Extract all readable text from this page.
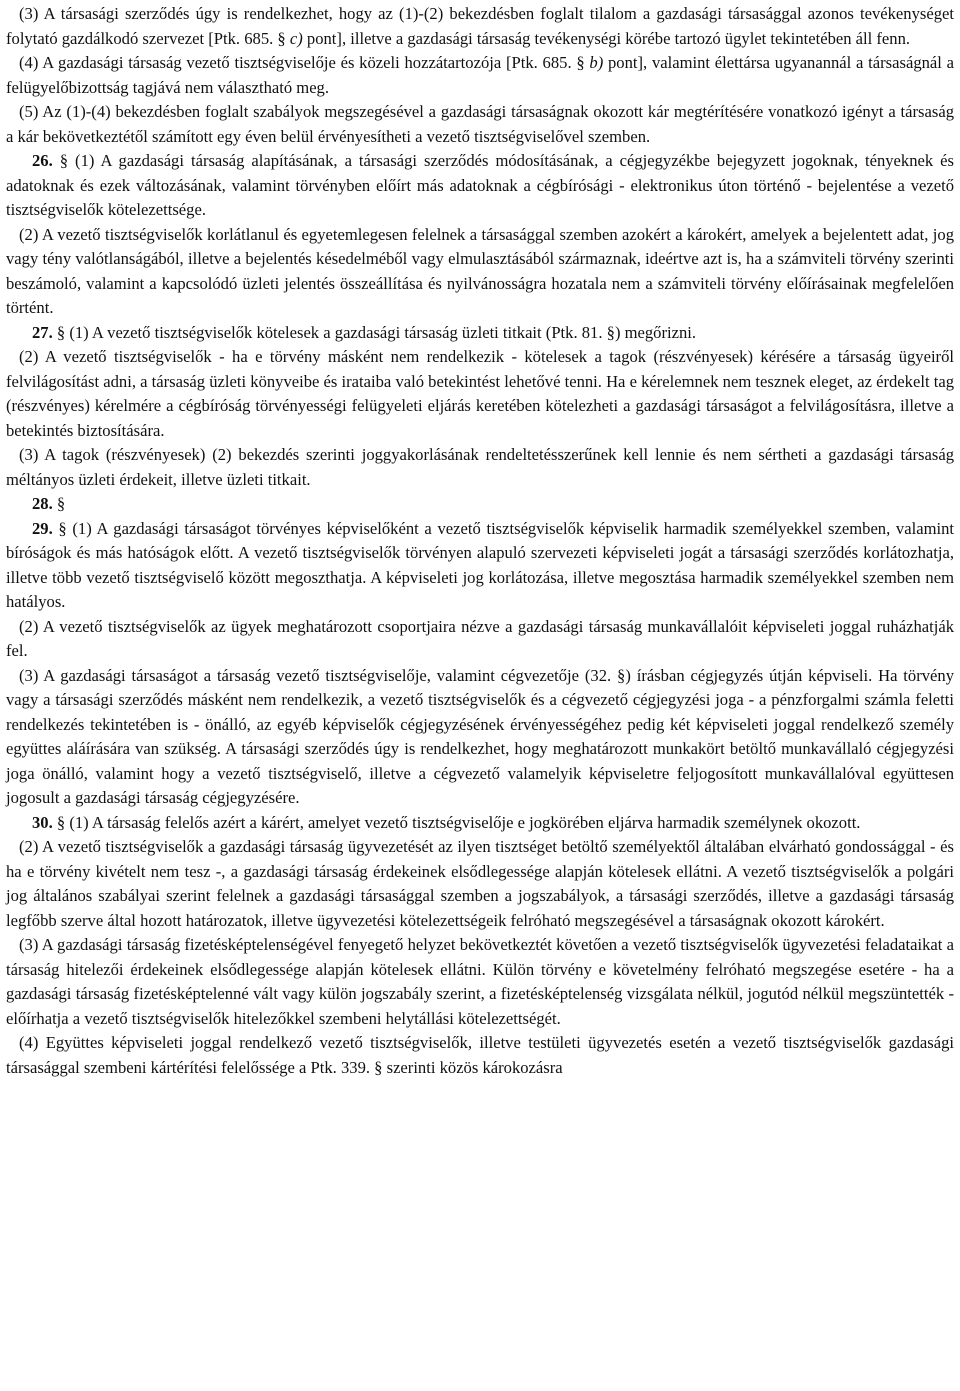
(3) A társasági szerződés úgy is rendelkezhet, hogy az (1)-(2) bekezdésben foglalt tilalom a gazdasági társasággal azonos tevékenységet folytató gazdálkodó szervezet [Ptk. 685. § c) pont], illetve a gazdasági társaság tevékenységi körébe tartozó ügylet tekintetében áll fenn.

(4) A gazdasági társaság vezető tisztségviselője és közeli hozzátartozója [Ptk. 685. § b) pont], valamint élettársa ugyanannál a társaságnál a felügyelőbizottság tagjává nem választható meg.

(5) Az (1)-(4) bekezdésben foglalt szabályok megszegésével a gazdasági társaságnak okozott kár megtérítésére vonatkozó igényt a társaság a kár bekövetkeztétől számított egy éven belül érvényesítheti a vezető tisztségviselővel szemben.

26. § (1) A gazdasági társaság alapításának, a társasági szerződés módosításának, a cégjegyzékbe bejegyzett jogoknak, tényeknek és adatoknak és ezek változásának, valamint törvényben előírt más adatoknak a cégbírósági - elektronikus úton történő - bejelentése a vezető tisztségviselők kötelezettsége.

(2) A vezető tisztségviselők korlátlanul és egyetemlegesen felelnek a társasággal szemben azokért a károkért, amelyek a bejelentett adat, jog vagy tény valótlanságából, illetve a bejelentés késedelméből vagy elmulasztásából származnak, ideértve azt is, ha a számviteli törvény szerinti beszámoló, valamint a kapcsolódó üzleti jelentés összeállítása és nyilvánosságra hozatala nem a számviteli törvény előírásainak megfelelően történt.

27. § (1) A vezető tisztségviselők kötelesek a gazdasági társaság üzleti titkait (Ptk. 81. §) megőrizni.

(2) A vezető tisztségviselők - ha e törvény másként nem rendelkezik - kötelesek a tagok (részvényesek) kérésére a társaság ügyeiről felvilágosítást adni, a társaság üzleti könyveibe és irataiba való betekintést lehetővé tenni. Ha e kérelemnek nem tesznek eleget, az érdekelt tag (részvényes) kérelmére a cégbíróság törvényességi felügyeleti eljárás keretében kötelezheti a gazdasági társaságot a felvilágosításra, illetve a betekintés biztosítására.

(3) A tagok (részvényesek) (2) bekezdés szerinti joggyakorlásának rendeltetésszerűnek kell lennie és nem sértheti a gazdasági társaság méltányos üzleti érdekeit, illetve üzleti titkait.

28. §

29. § (1) A gazdasági társaságot törvényes képviselőként a vezető tisztségviselők képviselik harmadik személyekkel szemben, valamint bíróságok és más hatóságok előtt. A vezető tisztségviselők törvényen alapuló szervezeti képviseleti jogát a társasági szerződés korlátozhatja, illetve több vezető tisztségviselő között megoszthatja. A képviseleti jog korlátozása, illetve megosztása harmadik személyekkel szemben nem hatályos.

(2) A vezető tisztségviselők az ügyek meghatározott csoportjaira nézve a gazdasági társaság munkavállalóit képviseleti joggal ruházhatják fel.

(3) A gazdasági társaságot a társaság vezető tisztségviselője, valamint cégvezetője (32. §) írásban cégjegyzés útján képviseli. Ha törvény vagy a társasági szerződés másként nem rendelkezik, a vezető tisztségviselők és a cégvezető cégjegyzési joga - a pénzforgalmi számla feletti rendelkezés tekintetében is - önálló, az egyéb képviselők cégjegyzésének érvényességéhez pedig két képviseleti joggal rendelkező személy együttes aláírására van szükség. A társasági szerződés úgy is rendelkezhet, hogy meghatározott munkakört betöltő munkavállaló cégjegyzési joga önálló, valamint hogy a vezető tisztségviselő, illetve a cégvezető valamelyik képviseletre feljogosított munkavállalóval együttesen jogosult a gazdasági társaság cégjegyzésére.

30. § (1) A társaság felelős azért a kárért, amelyet vezető tisztségviselője e jogkörében eljárva harmadik személynek okozott.

(2) A vezető tisztségviselők a gazdasági társaság ügyvezetését az ilyen tisztséget betöltő személyektől általában elvárható gondossággal - és ha e törvény kivételt nem tesz -, a gazdasági társaság érdekeinek elsődlegessége alapján kötelesek ellátni. A vezető tisztségviselők a polgári jog általános szabályai szerint felelnek a gazdasági társasággal szemben a jogszabályok, a társasági szerződés, illetve a gazdasági társaság legfőbb szerve által hozott határozatok, illetve ügyvezetési kötelezettségeik felróható megszegésével a társaságnak okozott károkért.

(3) A gazdasági társaság fizetésképtelenségével fenyegető helyzet bekövetkeztét követően a vezető tisztségviselők ügyvezetési feladataikat a társaság hitelezői érdekeinek elsődlegessége alapján kötelesek ellátni. Külön törvény e követelmény felróható megszegése esetére - ha a gazdasági társaság fizetésképtelenné vált vagy külön jogszabály szerint, a fizetésképtelenség vizsgálata nélkül, jogutód nélkül megszüntették - előírhatja a vezető tisztségviselők hitelezőkkel szembeni helytállási kötelezettségét.

(4) Együttes képviseleti joggal rendelkező vezető tisztségviselők, illetve testületi ügyvezetés esetén a vezető tisztségviselők gazdasági társasággal szembeni kártérítési felelőssége a Ptk. 339. § szerinti közös károkozásra
